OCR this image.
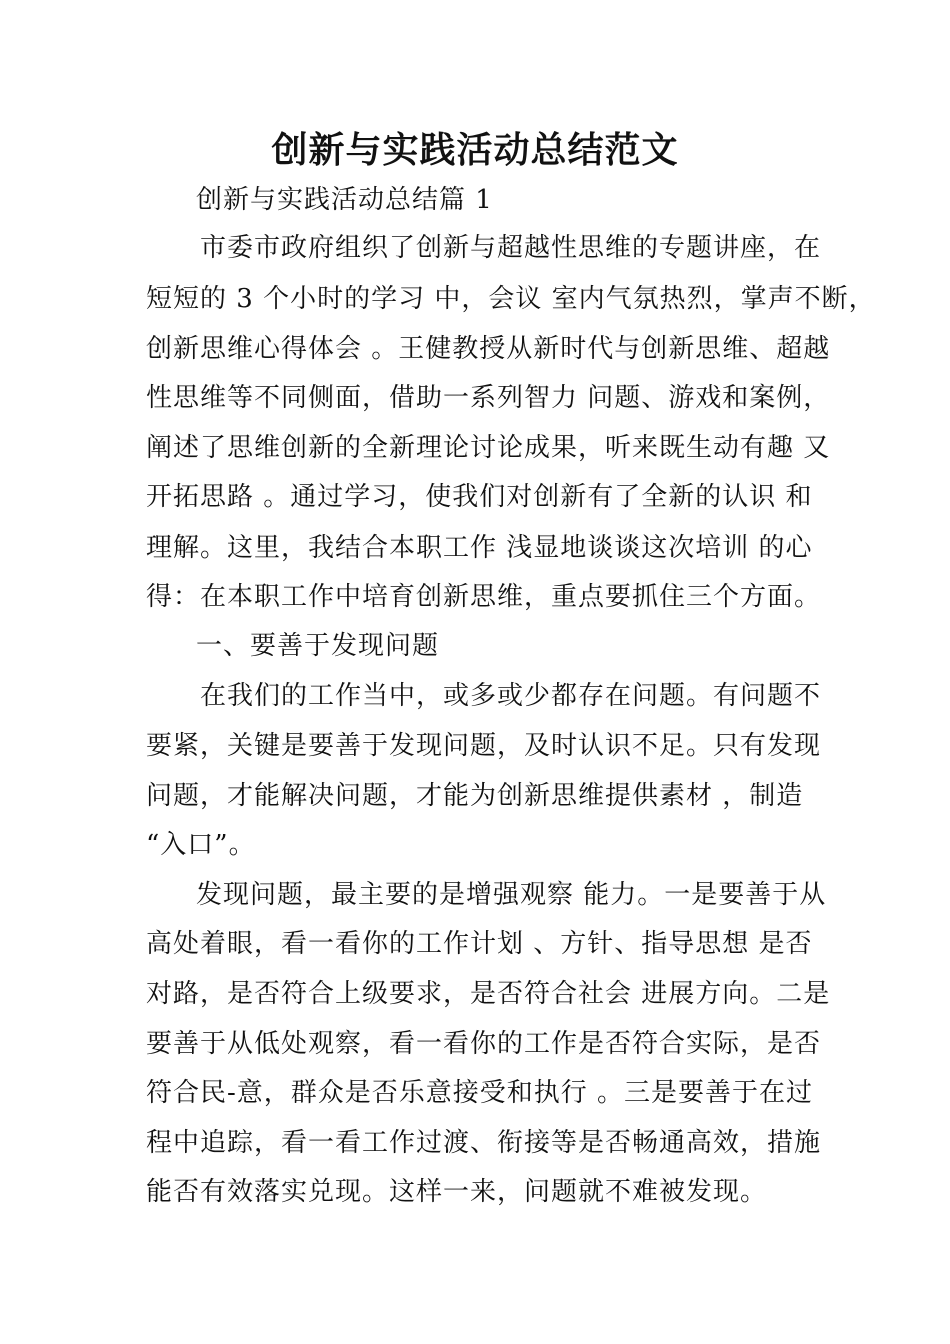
创新与实践活动总结范文
创新与实践活动总结篇 1
市委市政府组织了创新与超越性思维的专题讲座，在
短短的 3 个小时的学习 中，会议 室内气氛热烈，掌声不断，
创新思维心得体会 。王健教授从新时代与创新思维、超越
性思维等不同侧面，借助一系列智力 问题、游戏和案例，
阐述了思维创新的全新理论讨论成果，听来既生动有趣 又
开拓思路 。通过学习，使我们对创新有了全新的认识 和
理解。这里，我结合本职工作 浅显地谈谈这次培训 的心
得：在本职工作中培育创新思维，重点要抓住三个方面。
一、要善于发现问题
在我们的工作当中，或多或少都存在问题。有问题不
要紧，关键是要善于发现问题，及时认识不足。只有发现
问题，才能解决问题，才能为创新思维提供素材 ，制造
“入口”。
发现问题，最主要的是增强观察 能力。一是要善于从
高处着眼，看一看你的工作计划 、方针、指导思想 是否
对路，是否符合上级要求，是否符合社会 进展方向。二是
要善于从低处观察，看一看你的工作是否符合实际，是否
符合民-意，群众是否乐意接受和执行 。三是要善于在过
程中追踪，看一看工作过渡、衔接等是否畅通高效，措施
能否有效落实兑现。这样一来，问题就不难被发现。
